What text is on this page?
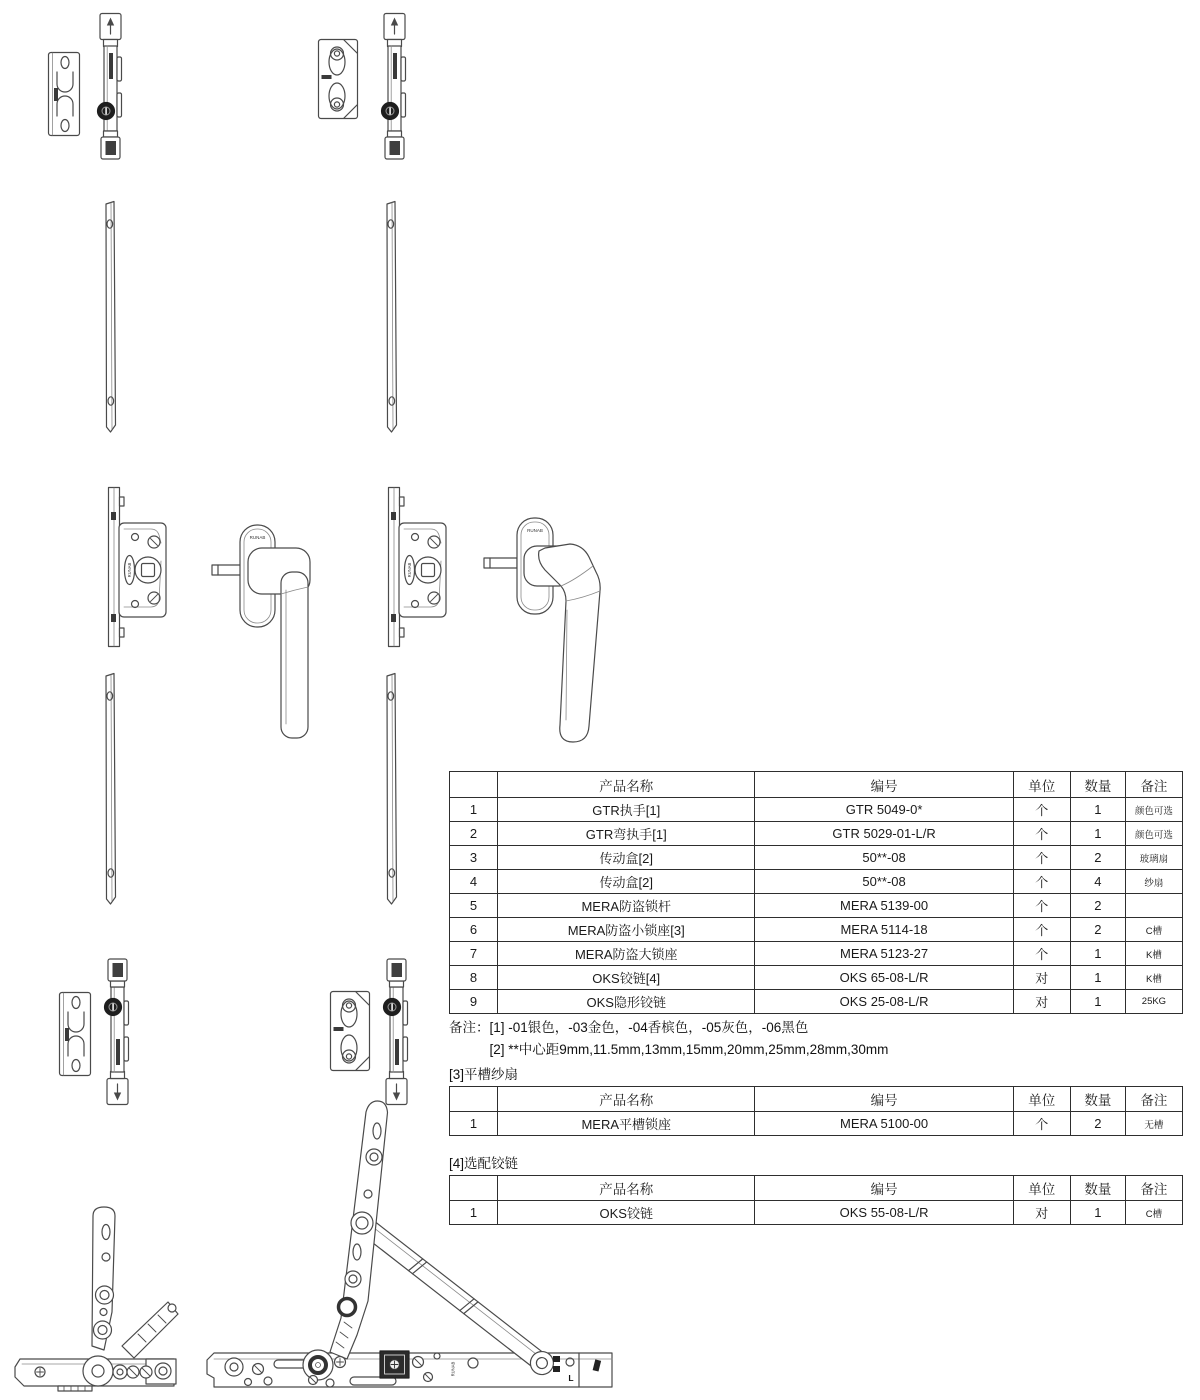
RUNAB
RUNAB
RUNAB
RUNAB
L
	产品名称	编号	单位	数量	备注
1	GTR执手[1]	GTR 5049-0*	个	1	颜色可选
2	GTR弯执手[1]	GTR 5029-01-L/R	个	1	颜色可选
3	传动盒[2]	50**-08	个	2	玻璃扇
4	传动盒[2]	50**-08	个	4	纱扇
5	MERA防盗锁杆	MERA 5139-00	个	2	
6	MERA防盗小锁座[3]	MERA 5114-18	个	2	C槽
7	MERA防盗大锁座	MERA 5123-27	个	1	K槽
8	OKS铰链[4]	OKS 65-08-L/R	对	1	K槽
9	OKS隐形铰链	OKS 25-08-L/R	对	1	25KG
备注： [1] -01银色，-03金色，-04香槟色，-05灰色，-06黑色
[2] **中心距9mm,11.5mm,13mm,15mm,20mm,25mm,28mm,30mm
[3]平槽纱扇
	产品名称	编号	单位	数量	备注
1	MERA平槽锁座	MERA 5100-00	个	2	无槽
[4]选配铰链
	产品名称	编号	单位	数量	备注
1	OKS铰链	OKS 55-08-L/R	对	1	C槽
